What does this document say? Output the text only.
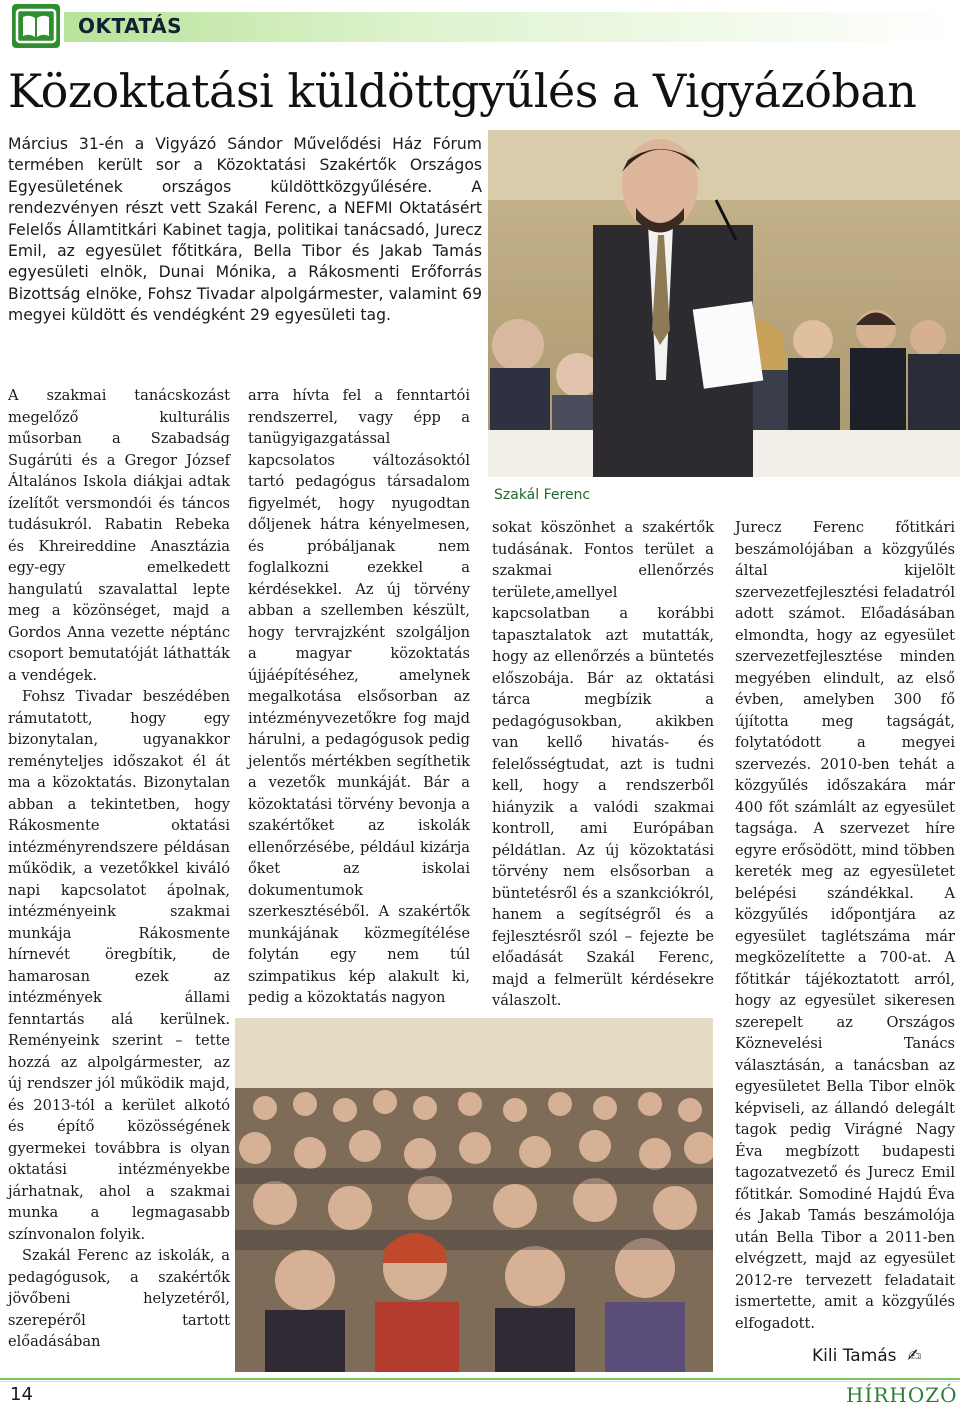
OKTATÁS
Közoktatási küldöttgyűlés a Vigyázóban

Március 31-én a Vigyázó Sándor Művelődési Ház Fórum termében került sor a Közoktatási Szakértők Országos Egyesületének országos küldöttközgyűlésére. A rendezvényen részt vett Szakál Ferenc, a NEFMI Oktatásért Felelős Államtitkári Kabinet tagja, politikai tanácsadó, Jurecz Emil, az egyesület főtitkára, Bella Tibor és Jakab Tamás egyesületi elnök, Dunai Mónika, a Rákosmenti Erőforrás Bizottság elnöke, Fohsz Tivadar alpolgármester, valamint 69 megyei küldött és vendégként 29 egyesületi tag.

Szakál Ferenc

A szakmai tanácskozást megelőző kulturális műsorban a Szabadság Sugárúti és a Gregor József Általános Iskola diákjai adtak ízelítőt versmondói és táncos tudásukról. Rabatin Rebeka és Khreireddine Anasztázia egy-egy emelkedett hangulatú szavalattal lepte meg a közönséget, majd a Gordos Anna vezette néptánc csoport bemutatóját láthatták a vendégek.

Fohsz Tivadar beszédében rámutatott, hogy egy bizonytalan, ugyanakkor reményteljes időszakot él át ma a közoktatás. Bizonytalan abban a tekintetben, hogy Rákosmente oktatási intézményrendszere példásan működik, a vezetőkkel kiváló napi kapcsolatot ápolnak, intézményeink szakmai munkája Rákosmente hírnevét öregbítik, de hamarosan ezek az intézmények állami fenntartás alá kerülnek. Reményeink szerint – tette hozzá az alpolgármester, az új rendszer jól működik majd, és 2013-tól a kerület alkotó és építő közösségének gyermekei továbbra is olyan oktatási intézményekbe járhatnak, ahol a szakmai munka a legmagasabb színvonalon folyik.

Szakál Ferenc az iskolák, a pedagógusok, a szakértők jövőbeni helyzetéről, szerepéről tartott előadásában

arra hívta fel a fenntartói rendszerrel, vagy épp a tanügyigazgatással kapcsolatos változásoktól tartó pedagógus társadalom figyelmét, hogy nyugodtan dőljenek hátra kényelmesen, és próbáljanak nem foglalkozni ezekkel a kérdésekkel. Az új törvény abban a szellemben készült, hogy tervrajzként szolgáljon a magyar közoktatás újjáépítéséhez, amelynek megalkotása elsősorban az intézményvezetőkre fog majd hárulni, a pedagógusok pedig jelentős mértékben segíthetik a vezetők munkáját. Bár a közoktatási törvény bevonja a szakértőket az iskolák ellenőrzésébe, például kizárja őket az iskolai dokumentumok szerkesztéséből. A szakértők munkájának közmegítélése folytán egy nem túl szimpatikus kép alakult ki, pedig a közoktatás nagyon

sokat köszönhet a szakértők tudásának. Fontos terület a szakmai ellenőrzés területe,amellyel kapcsolatban a korábbi tapasztalatok azt mutatták, hogy az ellenőrzés a büntetés előszobája. Bár az oktatási tárca megbízik a pedagógusokban, akikben van kellő hivatás- és felelősségtudat, azt is tudni kell, hogy a rendszerből hiányzik a valódi szakmai kontroll, ami Európában példátlan. Az új közoktatási törvény nem elsősorban a büntetésről és a szankciókról, hanem a segítségről és a fejlesztésről szól – fejezte be előadását Szakál Ferenc, majd a felmerült kérdésekre válaszolt.

Jurecz Ferenc főtitkári beszámolójában a közgyűlés által kijelölt szervezetfejlesztési feladatról adott számot. Előadásában elmondta, hogy az egyesület szervezetfejlesztése minden megyében elindult, az első évben, amelyben 300 fő újította meg tagságát, folytatódott a megyei szervezés. 2010-ben tehát a közgyűlés időszakára már 400 főt számlált az egyesület tagsága. A szervezet híre egyre erősödött, mind többen kereték meg az egyesületet belépési szándékkal. A közgyűlés időpontjára az egyesület taglétszáma már megközelítette a 700-at. A főtitkár tájékoztatott arról, hogy az egyesület sikeresen szerepelt az Országos Köznevelési Tanács választásán, a tanácsban az egyesületet Bella Tibor elnök képviseli, az állandó delegált tagok pedig Virágné Nagy Éva megbízott budapesti tagozatvezető és Jurecz Emil főtitkár. Somodiné Hajdú Éva és Jakab Tamás beszámolója után Bella Tibor a 2011-ben elvégzett, majd az egyesület 2012-re tervezett feladatait ismertette, amit a közgyűlés elfogadott.

Kili Tamás  ✍
14	HÍRHOZÓ
